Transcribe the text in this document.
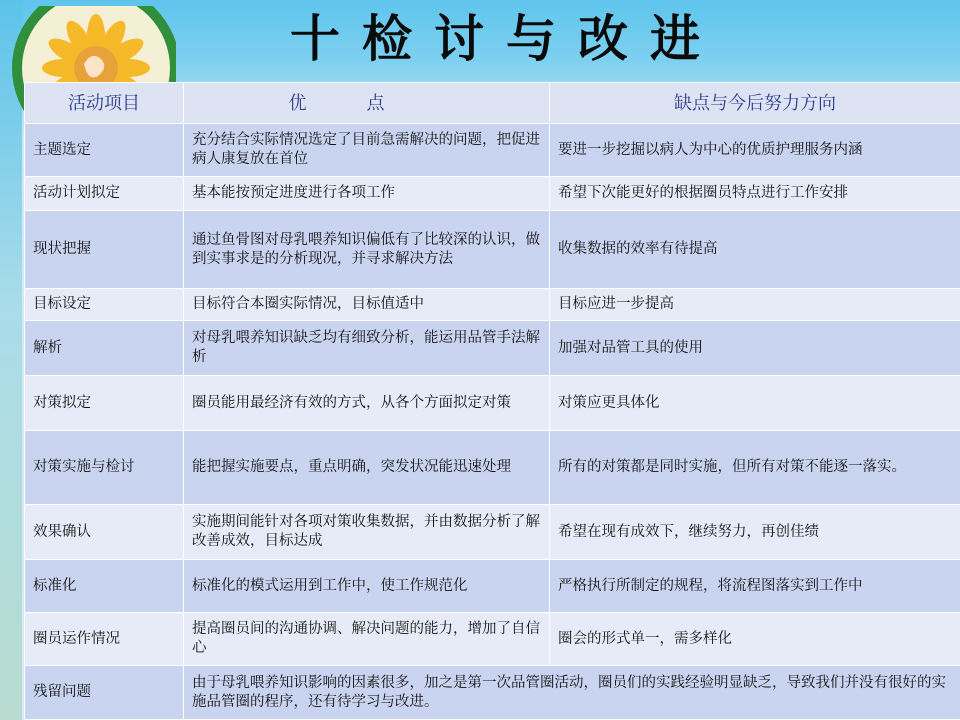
十检讨与改进
活动项目	优点	缺点与今后努力方向
主题选定	充分结合实际情况选定了目前急需解决的问题，把促进病人康复放在首位	要进一步挖掘以病人为中心的优质护理服务内涵
活动计划拟定	基本能按预定进度进行各项工作	希望下次能更好的根据圈员特点进行工作安排
现状把握	通过鱼骨图对母乳喂养知识偏低有了比较深的认识，做到实事求是的分析现况，并寻求解决方法	收集数据的效率有待提高
目标设定	目标符合本圈实际情况，目标值适中	目标应进一步提高
解析	对母乳喂养知识缺乏均有细致分析，能运用品管手法解析	加强对品管工具的使用
对策拟定	圈员能用最经济有效的方式，从各个方面拟定对策	对策应更具体化
对策实施与检讨	能把握实施要点，重点明确，突发状况能迅速处理	所有的对策都是同时实施，但所有对策不能逐一落实。
效果确认	实施期间能针对各项对策收集数据，并由数据分析了解改善成效，目标达成	希望在现有成效下，继续努力，再创佳绩
标准化	标准化的模式运用到工作中，使工作规范化	严格执行所制定的规程，将流程图落实到工作中
圈员运作情况	提高圈员间的沟通协调、解决问题的能力，增加了自信心	圈会的形式单一，需多样化
残留问题	由于母乳喂养知识影响的因素很多，加之是第一次品管圈活动，圈员们的实践经验明显缺乏，导致我们并没有很好的实施品管圈的程序，还有待学习与改进。	
